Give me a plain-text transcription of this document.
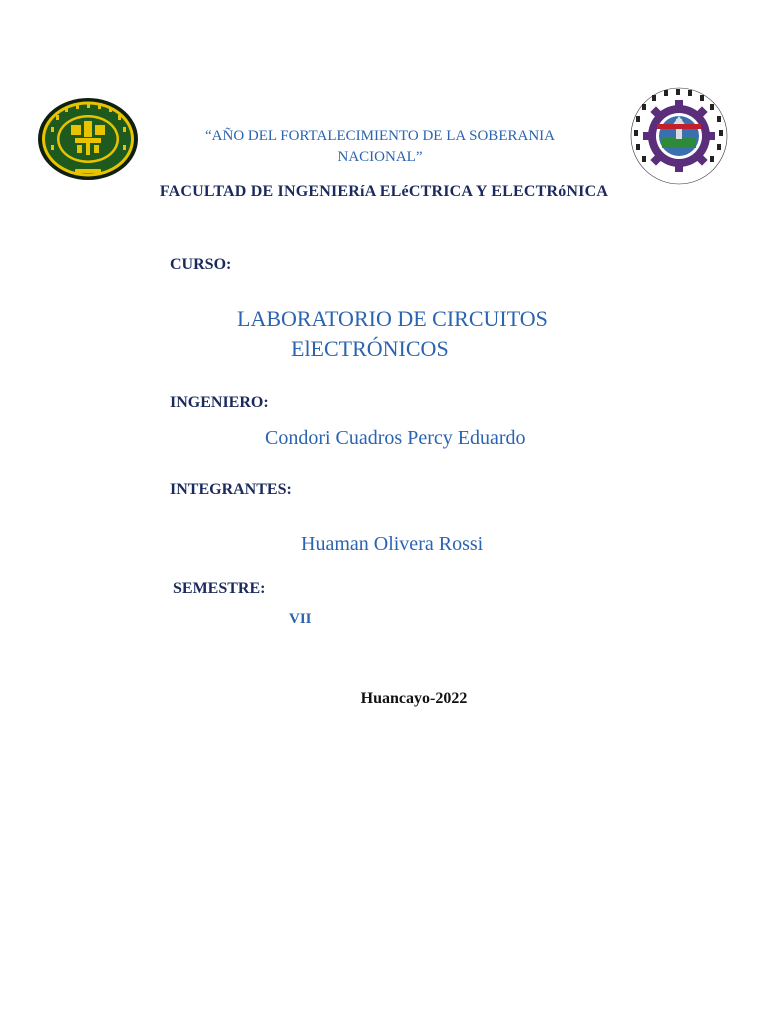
“AÑO DEL FORTALECIMIENTO DE LA SOBERANIA
NACIONAL”
FACULTAD DE INGENIERíA ELéCTRICA Y ELECTRóNICA
CURSO:
LABORATORIO DE CIRCUITOS
ElECTRÓNICOS
INGENIERO:
Condori Cuadros Percy Eduardo
INTEGRANTES:
Huaman Olivera Rossi
SEMESTRE:
VII
Huancayo-2022
